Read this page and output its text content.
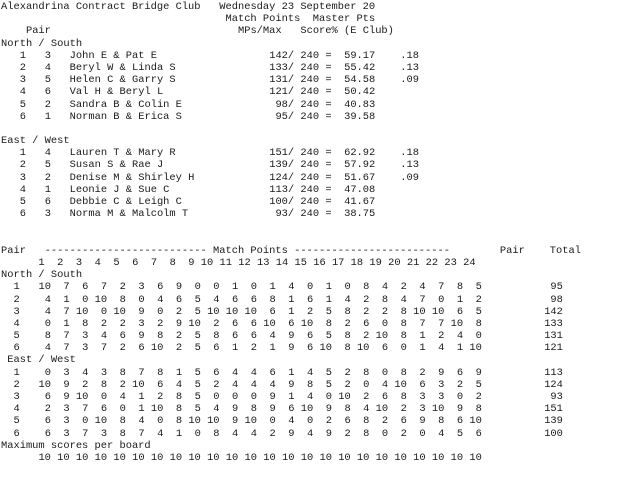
Alexandrina Contract Bridge Club Wednesday 23 September 20
Match Points Master Pts
Pair	MPs/Max Score% (E Club)
North / South
1 3 John E & Pat E	142/ 240 =  59.17 .18
2 4 Beryl W & Linda S	133/ 240 =  55.42 .13
3 5 Helen C & Garry S	131/ 240 =  54.58 .09
4 6 Val H & Beryl L	121/ 240 =  50.42
5 2 Sandra B & Colin E	98/ 240 =  40.83
6 1 Norman B & Erica S	95/ 240 =  39.58
East / West
1 4 Lauren T & Mary R	151/ 240 =  62.92 .18
2 5 Susan S & Rae J	139/ 240 =  57.92 .13
3 2 Denise M & Shirley H	124/ 240 =  51.67 .09
4 1 Leonie J & Sue C	113/ 240 =  47.08
5 6 Debbie C & Leigh C	100/ 240 =  41.67
6 3 Norma M & Malcolm T	93/ 240 =  38.75
Pair   -------------------------- Match Points -------------------------        Pair Total
1 2 3 4 5 6 7 8 9 10 11 12 13 14 15 16 17 18 19 20 21 22 23 24
North / South
1 10 7 6 7 2 3 6 9 0 0 1 0 1 4 0 1 0 8 4 2 4 7 8 5	95
2 4 1 0 10 8 0 4 6 5 4 6 6 8 1 6 1 4 2 8 4 7 0 1 2	98
3 4 7 10 0 10 9 0 2 5 10 10 10 6 1 2 5 8 2 2 8 10 10 6 5	142
4 0 1 8 2 2 3 2 9 10 2 6 6 10 6 10 8 2 6 0 8 7 7 10 8	133
5 8 7 3 4 6 9 8 2 5 8 6 6 4 9 6 5 8 2 10 8 1 2 4 0	131
6 4 7 3 7 2 6 10 2 5 6 1 2 1 9 6 10 8 10 6 0 1 4 1 10	121
East / West
1 0 3 4 3 8 7 8 1 5 6 4 4 6 1 4 5 2 8 0 8 2 9 6 9	113
2 10 9 2 8 2 10 6 4 5 2 4 4 4 9 8 5 2 0 4 10 6 3 2 5	124
3 6 9 10 0 4 1 2 8 5 0 0 0 9 1 4 0 10 2 6 8 3 3 0 2	93
4 2 3 7 6 0 1 10 8 5 4 9 8 9 6 10 9 8 4 10 2 3 10 9 8	151
5 6 3 0 10 8 4 0 8 10 10 9 10 0 4 0 2 6 8 2 6 9 8 6 10	139
6 6 3 7 3 8 7 4 1 0 8 4 4 2 9 4 9 2 8 0 2 0 4 5 6	100
Maximum scores per board
10 10 10 10 10 10 10 10 10 10 10 10 10 10 10 10 10 10 10 10 10 10 10 10
